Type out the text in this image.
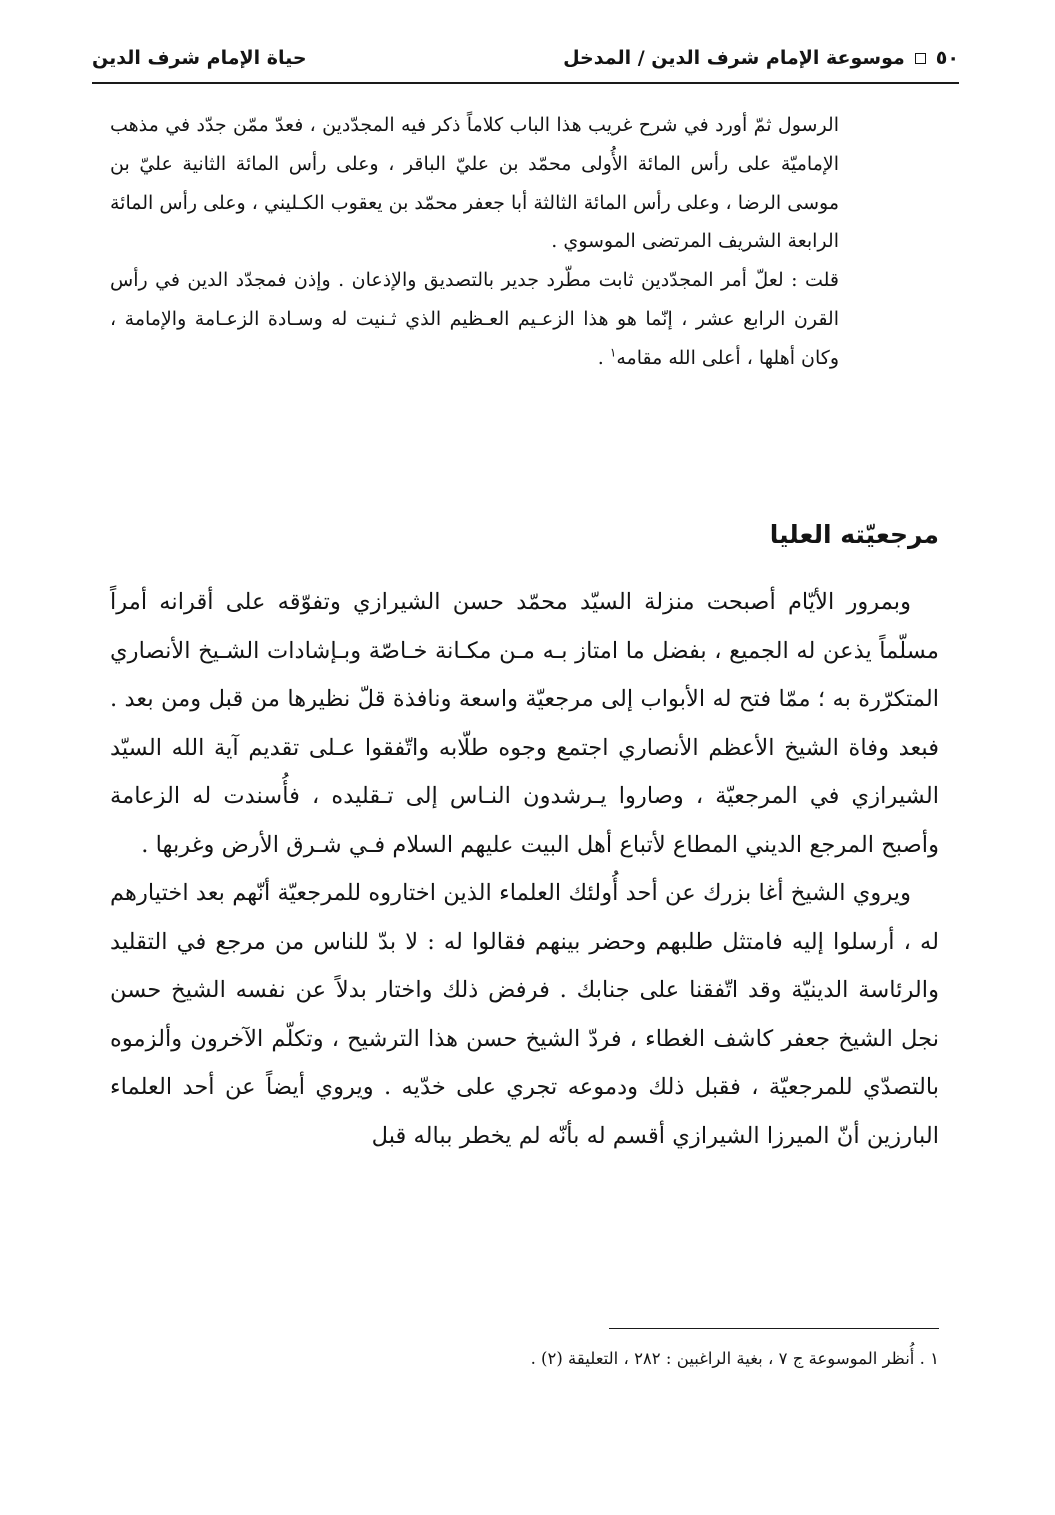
٥٠
موسوعة الإمام شرف الدين / المدخل
حياة الإمام شرف الدين

الرسول ثمّ أورد في شرح غريب هذا الباب كلاماً ذكر فيه المجدّدين ، فعدّ ممّن جدّد في مذهب الإماميّة على رأس المائة الأُولى محمّد بن عليّ الباقر ، وعلى رأس المائة الثانية عليّ بن موسى الرضا ، وعلى رأس المائة الثالثة أبا جعفر محمّد بن يعقوب الكـليني ، وعلى رأس المائة الرابعة الشريف المرتضى الموسوي .

قلت : لعلّ أمر المجدّدين ثابت مطّرد جدير بالتصديق والإذعان . وإذن فمجدّد الدين في رأس القرن الرابع عشر ، إنّما هو هذا الزعـيم العـظيم الذي ثـنيت له وسـادة الزعـامة والإمامة ، وكان أهلها ، أعلى الله مقامه$^١$ .

مرجعيّته العليا

وبمرور الأيّام أصبحت منزلة السيّد محمّد حسن الشيرازي وتفوّقه على أقرانه أمراً مسلّماً يذعن له الجميع ، بفضل ما امتاز بـه مـن مكـانة خـاصّة وبـإشادات الشـيخ الأنصاري المتكرّرة به ؛ ممّا فتح له الأبواب إلى مرجعيّة واسعة ونافذة قلّ نظيرها من قبل ومن بعد . فبعد وفاة الشيخ الأعظم الأنصاري اجتمع وجوه طلّابه واتّفقوا عـلى تقديم آية الله السيّد الشيرازي في المرجعيّة ، وصاروا يـرشدون النـاس إلى تـقليده ، فأُسندت له الزعامة وأصبح المرجع الديني المطاع لأتباع أهل البيت عليهم السلام فـي شـرق الأرض وغربها .

ويروي الشيخ أغا بزرك عن أحد أُولئك العلماء الذين اختاروه للمرجعيّة أنّهم بعد اختيارهم له ، أرسلوا إليه فامتثل طلبهم وحضر بينهم فقالوا له : لا بدّ للناس من مرجع في التقليد والرئاسة الدينيّة وقد اتّفقنا على جنابك . فرفض ذلك واختار بدلاً عن نفسه الشيخ حسن نجل الشيخ جعفر كاشف الغطاء ، فردّ الشيخ حسن هذا الترشيح ، وتكلّم الآخرون وألزموه بالتصدّي للمرجعيّة ، فقبل ذلك ودموعه تجري على خدّيه . ويروي أيضاً عن أحد العلماء البارزين أنّ الميرزا الشيرازي أقسم له بأنّه لم يخطر بباله قبل

١ . أُنظر الموسوعة ج ٧ ، بغية الراغبين : ٢٨٢ ، التعليقة (٢) .
